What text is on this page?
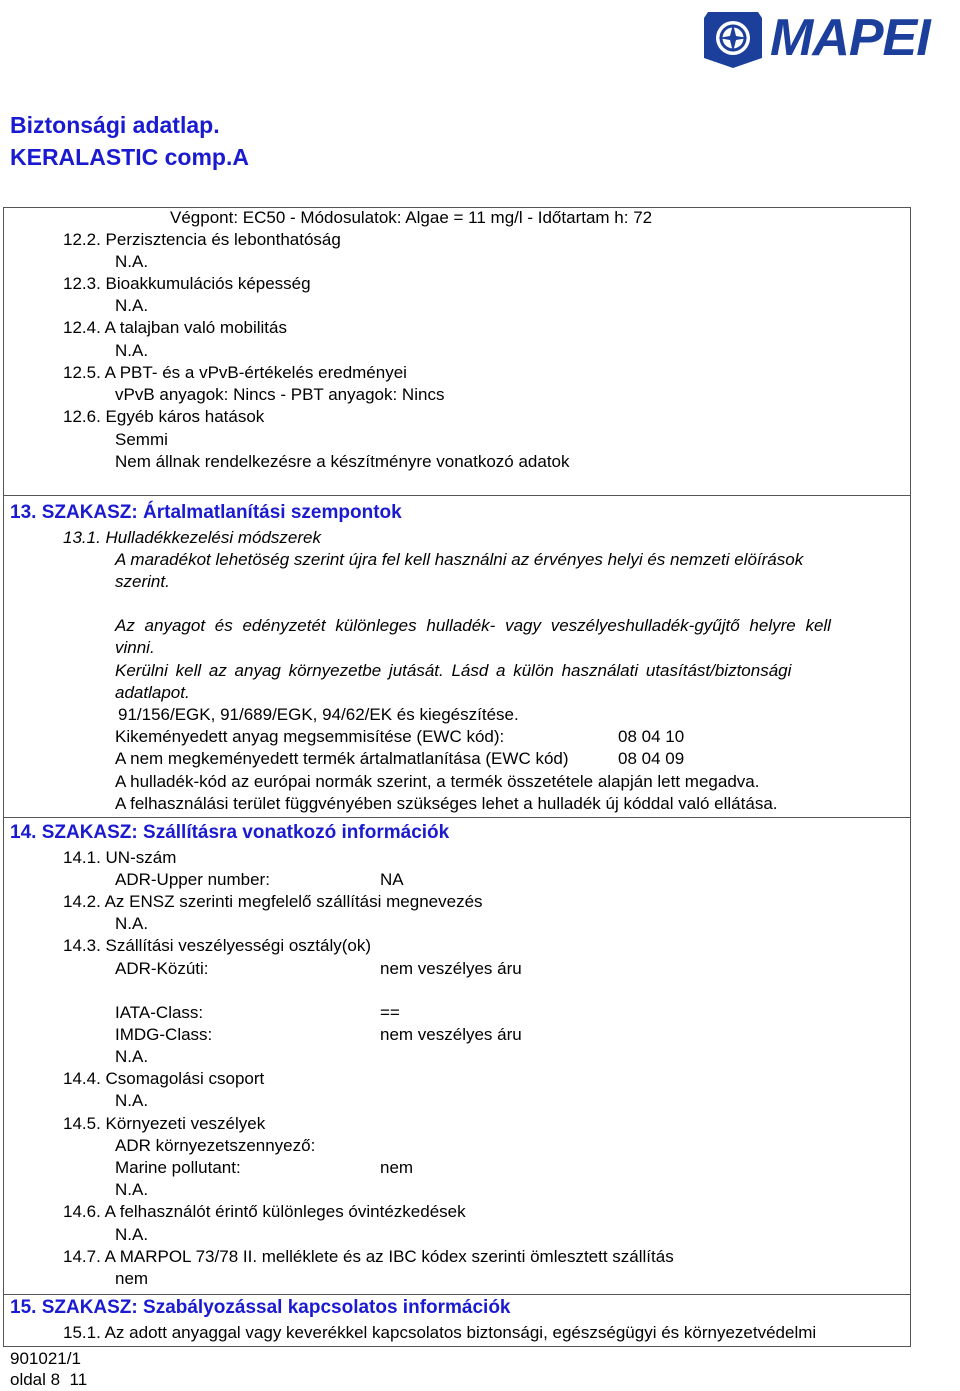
MAPEI
Biztonsági adatlap.
KERALASTIC comp.A
Végpont: EC50 - Módosulatok: Algae = 11 mg/l - Időtartam h: 72
12.2. Perzisztencia és lebonthatóság
N.A.
12.3. Bioakkumulációs képesség
N.A.
12.4. A talajban való mobilitás
N.A.
12.5. A PBT- és a vPvB-értékelés eredményei
vPvB anyagok: Nincs - PBT anyagok: Nincs
12.6. Egyéb káros hatások
Semmi
Nem állnak rendelkezésre a készítményre vonatkozó adatok
13. SZAKASZ: Ártalmatlanítási szempontok
13.1. Hulladékkezelési módszerek
A maradékot lehetöség szerint újra fel kell használni az érvényes helyi és nemzeti elöírások
szerint.
Az anyagot és edényzetét különleges hulladék- vagy veszélyeshulladék-gyűjtő helyre kell
vinni.
Kerülni kell az anyag környezetbe jutását. Lásd a külön használati utasítást/biztonsági
adatlapot.
91/156/EGK, 91/689/EGK, 94/62/EK és kiegészítése.
Kikeményedett anyag megsemmisítése (EWC kód):	08 04 10
A nem megkeményedett termék ártalmatlanítása (EWC kód)	08 04 09
A hulladék-kód az európai normák szerint, a termék összetétele alapján lett megadva.
A felhasználási terület függvényében szükséges lehet a hulladék új kóddal való ellátása.
14. SZAKASZ: Szállításra vonatkozó információk
14.1. UN-szám
ADR-Upper number:	NA
14.2. Az ENSZ szerinti megfelelő szállítási megnevezés
N.A.
14.3. Szállítási veszélyességi osztály(ok)
ADR-Közúti:	nem veszélyes áru
IATA-Class:	==
IMDG-Class:	nem veszélyes áru
N.A.
14.4. Csomagolási csoport
N.A.
14.5. Környezeti veszélyek
ADR környezetszennyező:
Marine pollutant:	nem
N.A.
14.6. A felhasználót érintő különleges óvintézkedések
N.A.
14.7. A MARPOL 73/78 II. melléklete és az IBC kódex szerinti ömlesztett szállítás
nem
15. SZAKASZ: Szabályozással kapcsolatos információk
15.1. Az adott anyaggal vagy keverékkel kapcsolatos biztonsági, egészségügyi és környezetvédelmi
901021/1
oldal 8  11
